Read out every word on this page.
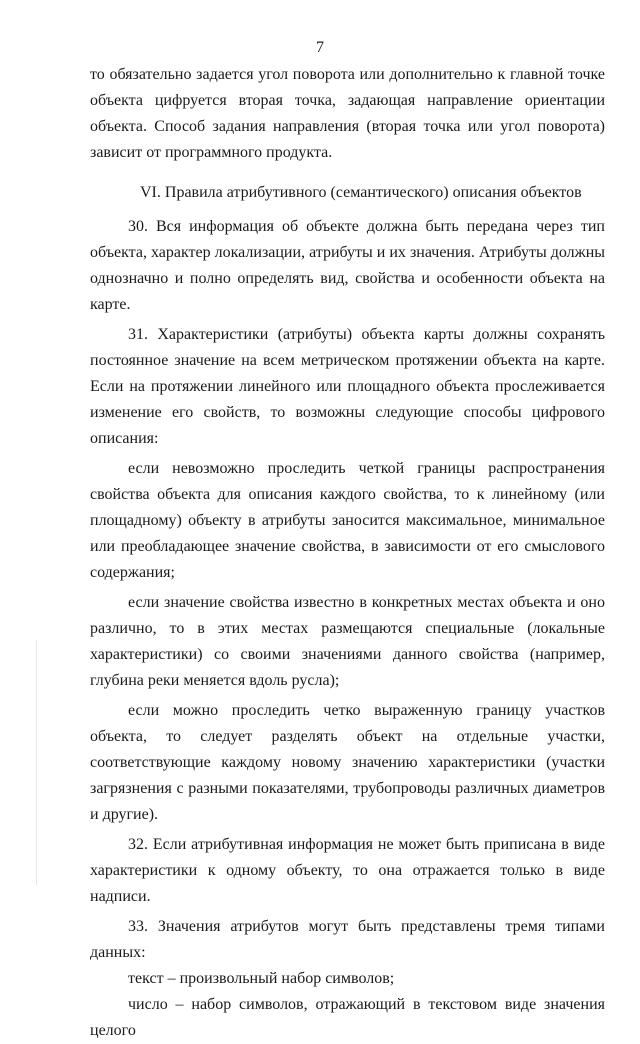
7

то обязательно задается угол поворота или дополнительно к главной точке объекта цифруется вторая точка, задающая направление ориентации объекта. Способ задания направления (вторая точка или угол поворота) зависит от программного продукта.

VI. Правила атрибутивного (семантического) описания объектов

30. Вся информация об объекте должна быть передана через тип объекта, характер локализации, атрибуты и их значения. Атрибуты должны однозначно и полно определять вид, свойства и особенности объекта на карте.

31. Характеристики (атрибуты) объекта карты должны сохранять постоянное значение на всем метрическом протяжении объекта на карте. Если на протяжении линейного или площадного объекта прослеживается изменение его свойств, то возможны следующие способы цифрового описания:

если невозможно проследить четкой границы распространения свойства объекта для описания каждого свойства, то к линейному (или площадному) объекту в атрибуты заносится максимальное, минимальное или преобладающее значение свойства, в зависимости от его смыслового содержания;

если значение свойства известно в конкретных местах объекта и оно различно, то в этих местах размещаются специальные (локальные характеристики) со своими значениями данного свойства (например, глубина реки меняется вдоль русла);

если можно проследить четко выраженную границу участков объекта, то следует разделять объект на отдельные участки, соответствующие каждому новому значению характеристики (участки загрязнения с разными показателями, трубопроводы различных диаметров и другие).

32. Если атрибутивная информация не может быть приписана в виде характеристики к одному объекту, то она отражается только в виде надписи.

33. Значения атрибутов могут быть представлены тремя типами данных:

текст – произвольный набор символов;

число – набор символов, отражающий в текстовом виде значения целого
